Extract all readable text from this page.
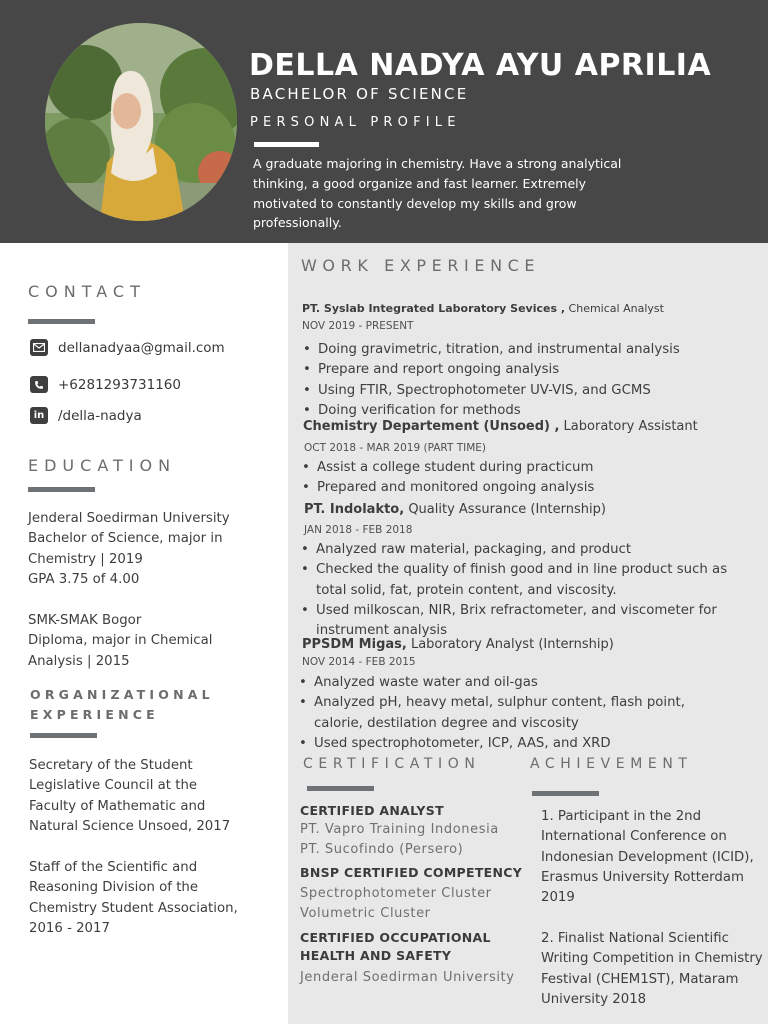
DELLA NADYA AYU APRILIA
BACHELOR OF SCIENCE
PERSONAL PROFILE
A graduate majoring in chemistry. Have a strong analytical thinking, a good organize and fast learner. Extremely motivated to constantly develop my skills and grow professionally.
CONTACT
dellanadyaa@gmail.com
+6281293731160
in /della-nadya
EDUCATION
Jenderal Soedirman University
Bachelor of Science, major in
Chemistry | 2019
GPA 3.75 of 4.00
SMK-SMAK Bogor
Diploma, major in Chemical
Analysis | 2015
ORGANIZATIONAL
EXPERIENCE
Secretary of the Student
Legislative Council at the
Faculty of Mathematic and
Natural Science Unsoed, 2017
Staff of the Scientific and
Reasoning Division of the
Chemistry Student Association,
2016 - 2017
WORK EXPERIENCE
PT. Syslab Integrated Laboratory Sevices , Chemical Analyst
NOV 2019 - PRESENT
• Doing gravimetric, titration, and instrumental analysis
• Prepare and report ongoing analysis
• Using FTIR, Spectrophotometer UV-VIS, and GCMS
• Doing verification for methods
Chemistry Departement (Unsoed) , Laboratory Assistant
OCT 2018 - MAR 2019 (PART TIME)
• Assist a college student during practicum
• Prepared and monitored ongoing analysis
PT. Indolakto, Quality Assurance (Internship)
JAN 2018 - FEB 2018
• Analyzed raw material, packaging, and product
• Checked the quality of finish good and in line product such as total solid, fat, protein content, and viscosity.
• Used milkoscan, NIR, Brix refractometer, and viscometer for instrument analysis
PPSDM Migas, Laboratory Analyst (Internship)
NOV 2014 - FEB 2015
• Analyzed waste water and oil-gas
• Analyzed pH, heavy metal, sulphur content, flash point, calorie, destilation degree and viscosity
• Used spectrophotometer, ICP, AAS, and XRD
CERTIFICATION
CERTIFIED ANALYST
PT. Vapro Training Indonesia
PT. Sucofindo (Persero)
BNSP CERTIFIED COMPETENCY
Spectrophotometer Cluster
Volumetric Cluster
CERTIFIED OCCUPATIONAL HEALTH AND SAFETY
Jenderal Soedirman University
ACHIEVEMENT
1. Participant in the 2nd International Conference on Indonesian Development (ICID), Erasmus University Rotterdam 2019
2. Finalist National Scientific Writing Competition in Chemistry Festival (CHEM1ST), Mataram University 2018
